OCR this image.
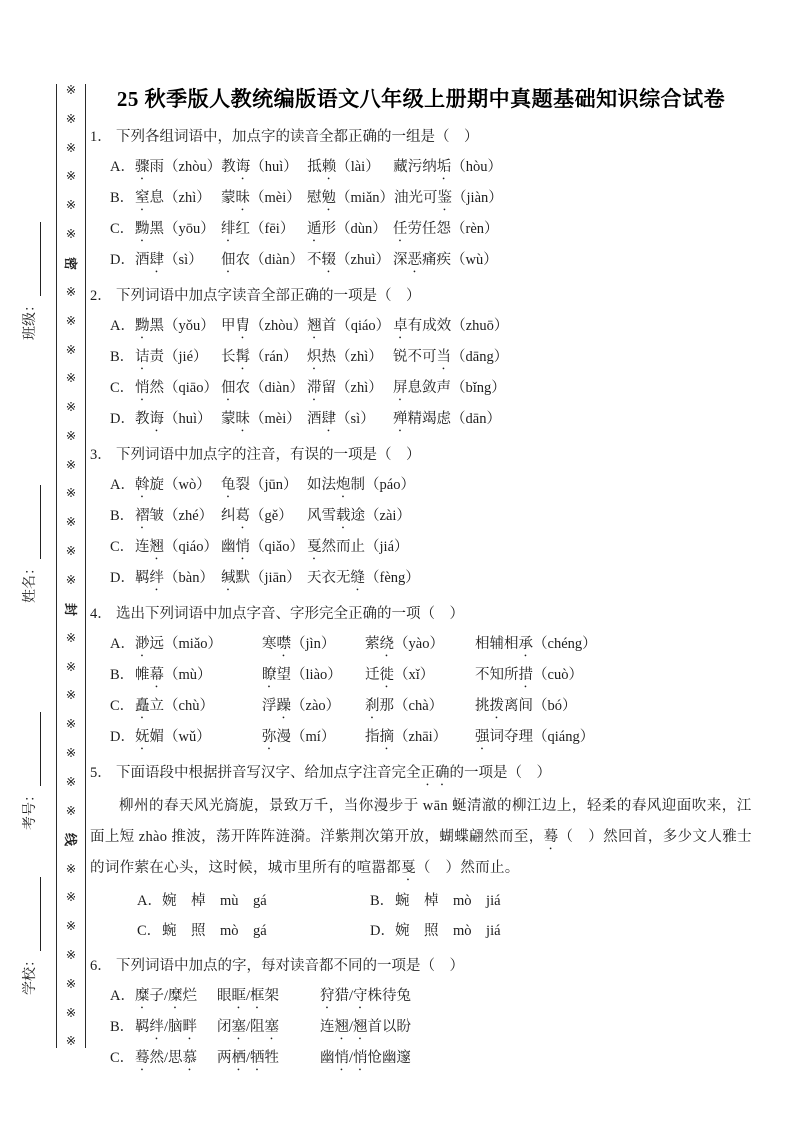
班级：
姓名：
考号：
学校：
※
※
※
※
※
※
密
※
※
※
※
※
※
※
※
※
※
※
封
※
※
※
※
※
※
※
线
※
※
※
※
※
※
※
25 秋季版人教统编版语文八年级上册期中真题基础知识综合试卷
1． 下列各组词语中，加点字的读音全都正确的一组是（　 ）
A． 骤雨（zhòu） 教诲（huì） 抵赖（lài） 藏污纳垢（hòu）
B． 窒息（zhì） 蒙昧（mèi） 慰勉（miǎn） 油光可鉴（jiàn）
C． 黝黑（yōu） 绯红（fēi） 遁形（dùn） 任劳任怨（rèn）
D． 酒肆（sì）	佃农（diàn） 不辍（zhuì） 深恶痛疾（wù）
2． 下列词语中加点字读音全部正确的一项是（　 ）
A． 黝黑（yǒu） 甲胄（zhòu） 翘首（qiáo） 卓有成效（zhuō）
B． 诘责（jié） 长髯（rán） 炽热（zhì） 锐不可当（dāng）
C． 悄然（qiāo） 佃农（diàn） 滞留（zhì） 屏息敛声（bǐng）
D． 教诲（huì） 蒙昧（mèi） 酒肆（sì）	殚精竭虑（dān）
3． 下列词语中加点字的注音，有误的一项是（　 ）
A． 斡旋（wò） 龟裂（jūn） 如法炮制（páo）
B． 褶皱（zhé） 纠葛（gě） 风雪载途（zài）
C． 连翘（qiáo） 幽悄（qiǎo） 戛然而止（jiá）
D． 羁绊（bàn） 缄默（jiān） 天衣无缝（fèng）
4． 选出下列词语中加点字音、字形完全正确的一项（　 ）
A． 渺远（miǎo）	寒噤（jìn）	萦绕（yào）	相辅相承（chéng）
B． 帷幕（mù）	瞭望（liào）	迁徙（xǐ）	不知所措（cuò）
C． 矗立（chù）	浮躁（zào）	刹那（chà）	挑拨离间（bó）
D． 妩媚（wǔ）	弥漫（mí）	指摘（zhāi）	强词夺理（qiáng）
5． 下面语段中根据拼音写汉字、给加点字注音完全正确的一项是（　 ）

柳州的春天风光旖旎，景致万千，当你漫步于 wān 蜒清澈的柳江边上，轻柔的春风迎面吹来，江面上短 zhào 推波，荡开阵阵涟漪。洋紫荆次第开放，蝴蝶翩然而至，蓦（　 ）然回首，多少文人雅士的词作萦在心头，这时候，城市里所有的喧嚣都戛（　 ）然而止。

A． 婉　 棹　 mù　 gá	B． 蜿　 棹　 mò　 jiá
C． 蜿　 照　 mò　 gá	D． 婉　 照　 mò　 jiá
6． 下列词语中加点的字，每对读音都不同的一项是（　 ）
A． 糜子/糜烂	眼眶/框架	狩猎/守株待兔
B． 羁绊/脑畔	闭塞/阻塞	连翘/翘首以盼
C． 蓦然/思慕	两栖/牺牲	幽悄/悄怆幽邃
